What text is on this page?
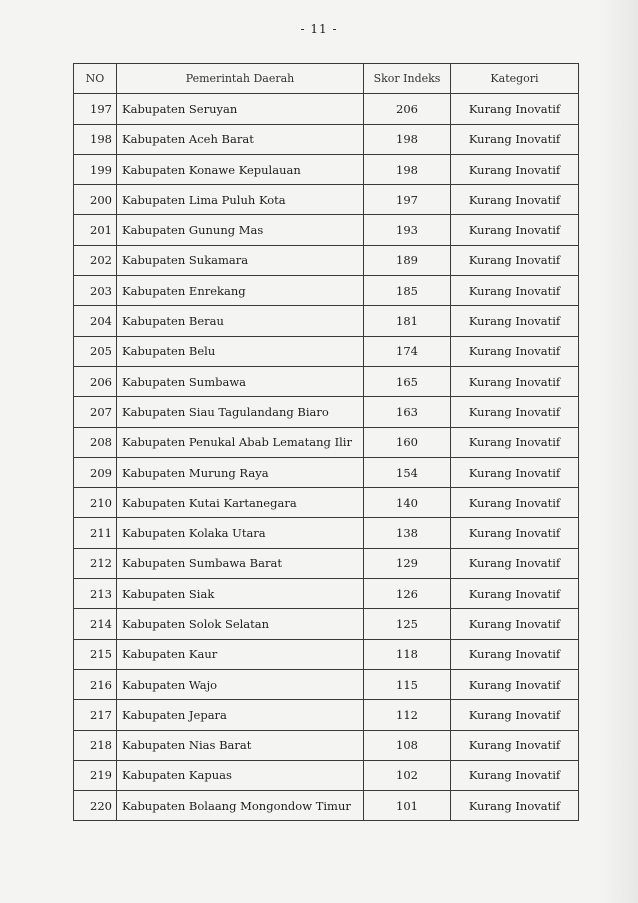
- 11 -
NO	Pemerintah Daerah	Skor Indeks	Kategori
197	Kabupaten Seruyan	206	Kurang Inovatif
198	Kabupaten Aceh Barat	198	Kurang Inovatif
199	Kabupaten Konawe Kepulauan	198	Kurang Inovatif
200	Kabupaten Lima Puluh Kota	197	Kurang Inovatif
201	Kabupaten Gunung Mas	193	Kurang Inovatif
202	Kabupaten Sukamara	189	Kurang Inovatif
203	Kabupaten Enrekang	185	Kurang Inovatif
204	Kabupaten Berau	181	Kurang Inovatif
205	Kabupaten Belu	174	Kurang Inovatif
206	Kabupaten Sumbawa	165	Kurang Inovatif
207	Kabupaten Siau Tagulandang Biaro	163	Kurang Inovatif
208	Kabupaten Penukal Abab Lematang Ilir	160	Kurang Inovatif
209	Kabupaten Murung Raya	154	Kurang Inovatif
210	Kabupaten Kutai Kartanegara	140	Kurang Inovatif
211	Kabupaten Kolaka Utara	138	Kurang Inovatif
212	Kabupaten Sumbawa Barat	129	Kurang Inovatif
213	Kabupaten Siak	126	Kurang Inovatif
214	Kabupaten Solok Selatan	125	Kurang Inovatif
215	Kabupaten Kaur	118	Kurang Inovatif
216	Kabupaten Wajo	115	Kurang Inovatif
217	Kabupaten Jepara	112	Kurang Inovatif
218	Kabupaten Nias Barat	108	Kurang Inovatif
219	Kabupaten Kapuas	102	Kurang Inovatif
220	Kabupaten Bolaang Mongondow Timur	101	Kurang Inovatif
